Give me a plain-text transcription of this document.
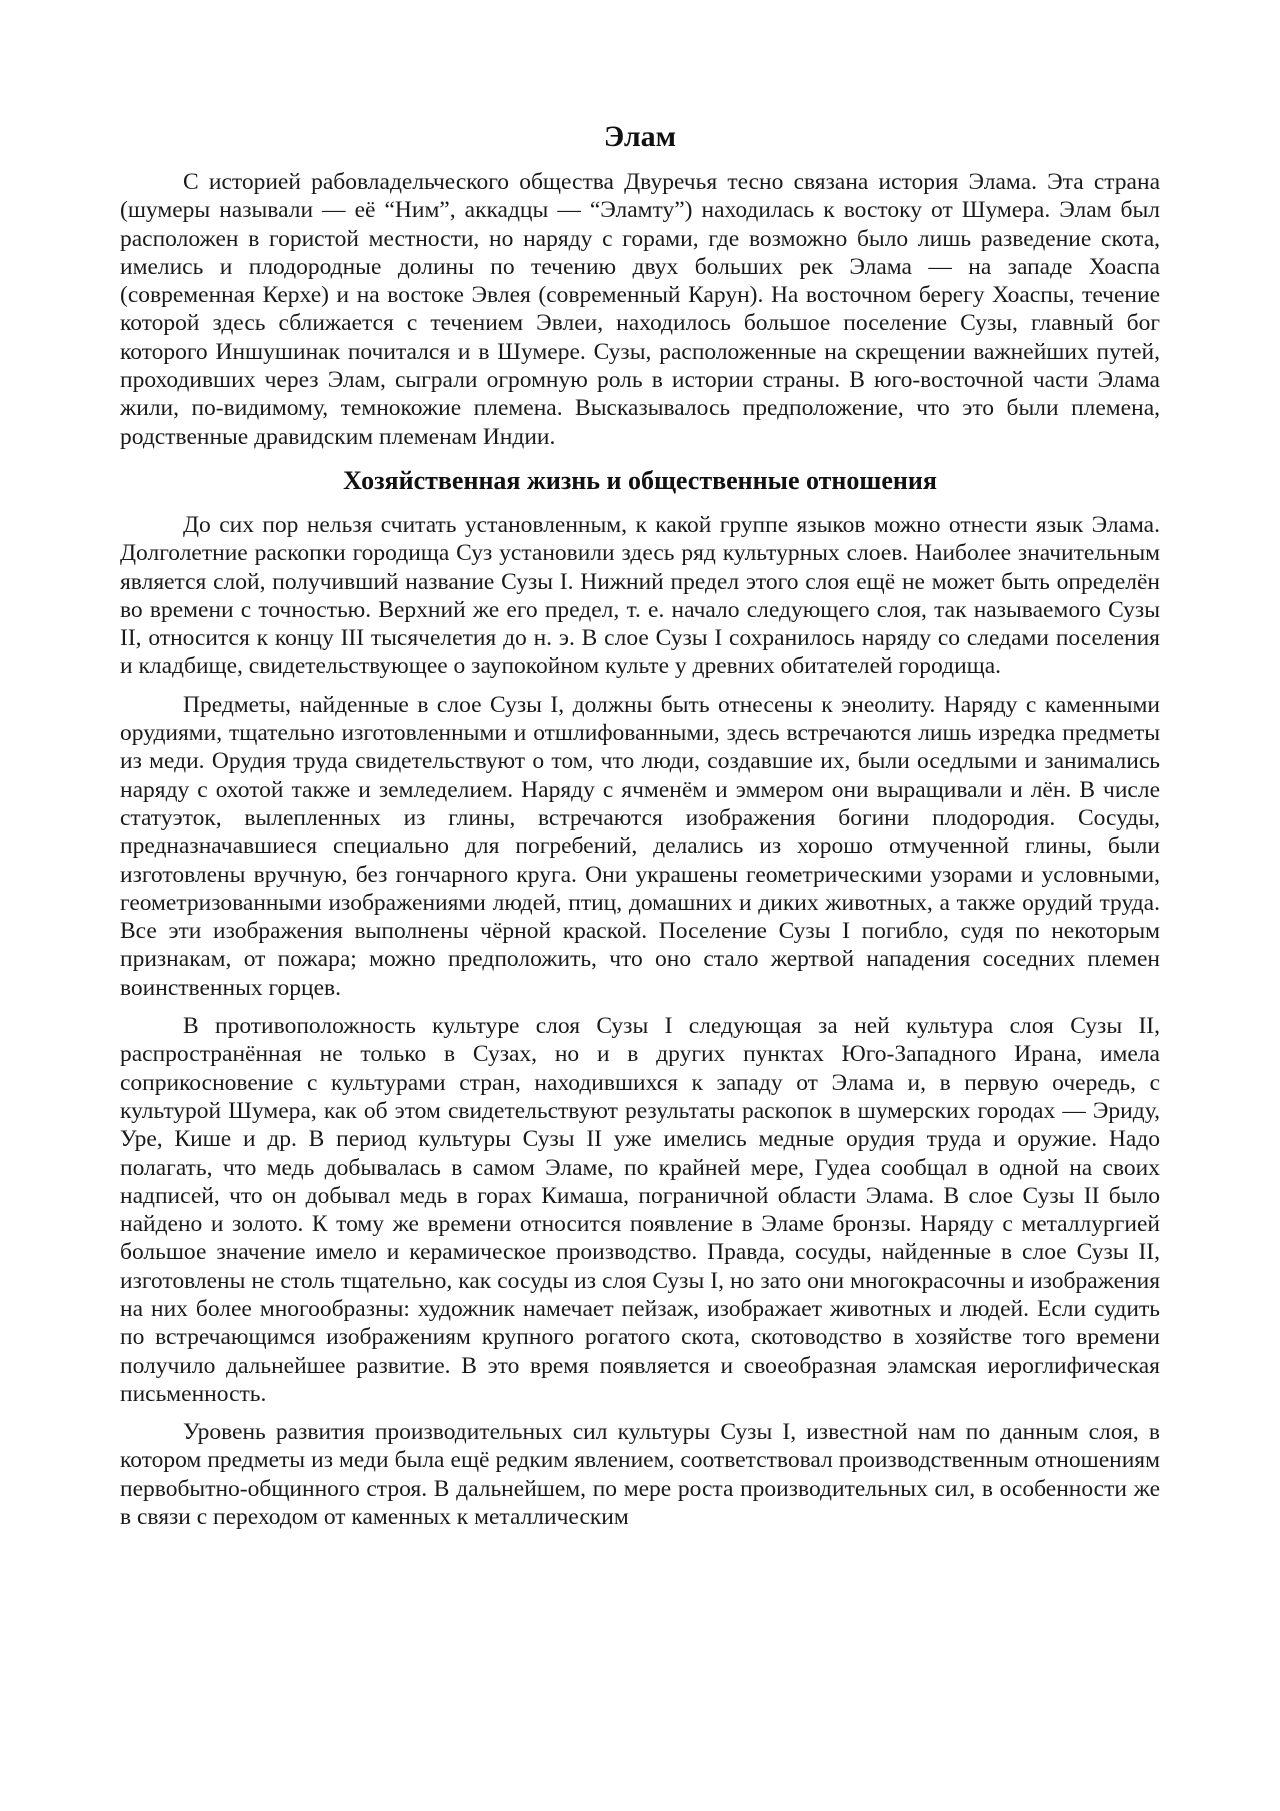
Элам

С историей рабовладельческого общества Двуречья тесно связана история Элама. Эта страна (шумеры называли — её “Ним”, аккадцы — “Эламту”) находилась к востоку от Шумера. Элам был расположен в гористой местности, но наряду с горами, где возможно было лишь разведение скота, имелись и плодородные долины по течению двух больших рек Элама — на западе Хоаспа (современная Керхе) и на востоке Эвлея (современный Карун). На восточном берегу Хоаспы, течение которой здесь сближается с течением Эвлеи, находилось большое поселение Сузы, главный бог которого Иншушинак почитался и в Шумере. Сузы, расположенные на скрещении важнейших путей, проходивших через Элам, сыграли огромную роль в истории страны. В юго-восточной части Элама жили, по-видимому, темнокожие племена. Высказывалось предположение, что это были племена, родственные дравидским племенам Индии.

Хозяйственная жизнь и общественные отношения

До сих пор нельзя считать установленным, к какой группе языков можно отнести язык Элама. Долголетние раскопки городища Суз установили здесь ряд культурных слоев. Наиболее значительным является слой, получивший название Сузы I. Нижний предел этого слоя ещё не может быть определён во времени с точностью. Верхний же его предел, т. е. начало следующего слоя, так называемого Сузы II, относится к концу III тысячелетия до н. э. В слое Сузы I сохранилось наряду со следами поселения и кладбище, свидетельствующее о заупокойном культе у древних обитателей городища.

Предметы, найденные в слое Сузы I, должны быть отнесены к энеолиту. Наряду с каменными орудиями, тщательно изготовленными и отшлифованными, здесь встречаются лишь изредка предметы из меди. Орудия труда свидетельствуют о том, что люди, создавшие их, были оседлыми и занимались наряду с охотой также и земледелием. Наряду с ячменём и эммером они выращивали и лён. В числе статуэток, вылепленных из глины, встречаются изображения богини плодородия. Сосуды, предназначавшиеся специально для погребений, делались из хорошо отмученной глины, были изготовлены вручную, без гончарного круга. Они украшены геометрическими узорами и условными, геометризованными изображениями людей, птиц, домашних и диких животных, а также орудий труда. Все эти изображения выполнены чёрной краской. Поселение Сузы I погибло, судя по некоторым признакам, от пожара; можно предположить, что оно стало жертвой нападения соседних племен воинственных горцев.

В противоположность культуре слоя Сузы I следующая за ней культура слоя Сузы II, распространённая не только в Сузах, но и в других пунктах Юго-Западного Ирана, имела соприкосновение с культурами стран, находившихся к западу от Элама и, в первую очередь, с культурой Шумера, как об этом свидетельствуют результаты раскопок в шумерских городах — Эриду, Уре, Кише и др. В период культуры Сузы II уже имелись медные орудия труда и оружие. Надо полагать, что медь добывалась в самом Эламе, по крайней мере, Гудеа сообщал в одной на своих надписей, что он добывал медь в горах Кимаша, пограничной области Элама. В слое Сузы II было найдено и золото. К тому же времени относится появление в Эламе бронзы. Наряду с металлургией большое значение имело и керамическое производство. Правда, сосуды, найденные в слое Сузы II, изготовлены не столь тщательно, как сосуды из слоя Сузы I, но зато они многокрасочны и изображения на них более многообразны: художник намечает пейзаж, изображает животных и людей. Если судить по встречающимся изображениям крупного рогатого скота, скотоводство в хозяйстве того времени получило дальнейшее развитие. В это время появляется и своеобразная эламская иероглифическая письменность.

Уровень развития производительных сил культуры Сузы I, известной нам по данным слоя, в котором предметы из меди была ещё редким явлением, соответствовал производственным отношениям первобытно-общинного строя. В дальнейшем, по мере роста производительных сил, в особенности же в связи с переходом от каменных к металлическим
